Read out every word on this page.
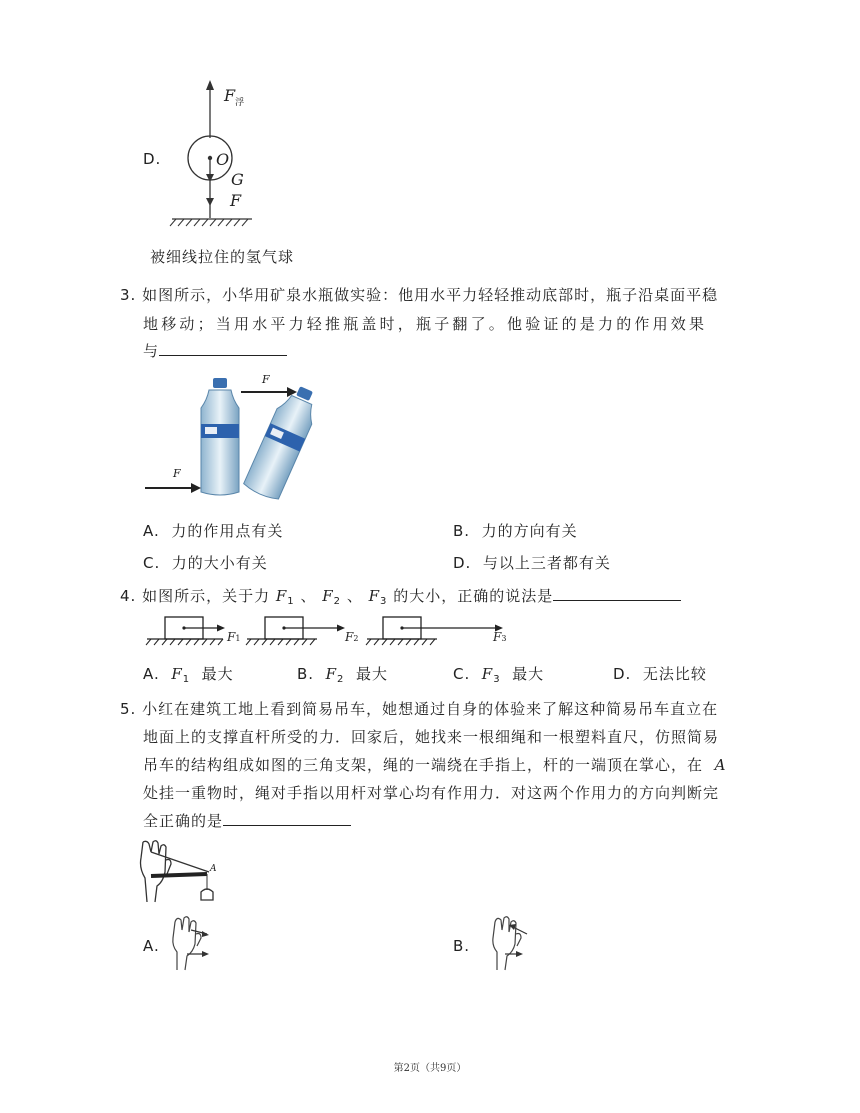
D.
$F_浮$
O
G
F
被细线拉住的氢气球
3. 如图所示，小华用矿泉水瓶做实验：他用水平力轻轻推动底部时，瓶子沿桌面平稳
地移动；当用水平力轻推瓶盖时，瓶子翻了。他验证的是力的作用效果
与
F
F
A. 力的作用点有关	B. 力的方向有关
C. 力的大小有关	D. 与以上三者都有关
4. 如图所示，关于力 $F_1$ 、 $F_2$ 、 $F_3$ 的大小，正确的说法是
F1	F2	F3
A. $F_1$ 最大	B. $F_2$ 最大	C. $F_3$ 最大	D. 无法比较
5. 小红在建筑工地上看到简易吊车，她想通过自身的体验来了解这种简易吊车直立在
地面上的支撑直杆所受的力．回家后，她找来一根细绳和一根塑料直尺，仿照简易
吊车的结构组成如图的三角支架，绳的一端绕在手指上，杆的一端顶在掌心，在 A
处挂一重物时，绳对手指以用杆对掌心均有作用力．对这两个作用力的方向判断完
全正确的是
A
A.	B.
第2页（共9页）
